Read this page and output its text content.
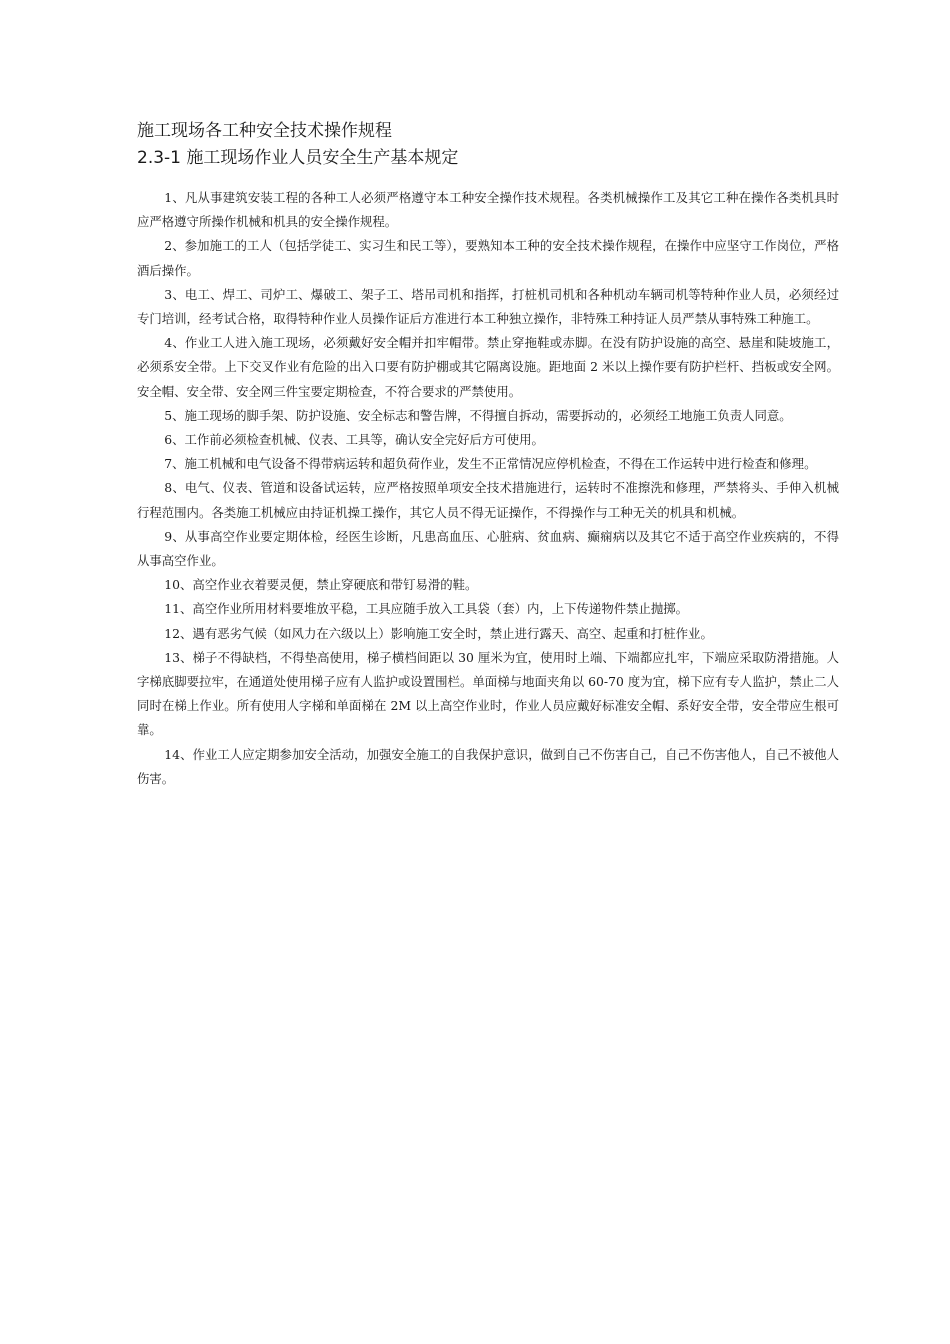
施工现场各工种安全技术操作规程
2.3-1 施工现场作业人员安全生产基本规定

1、凡从事建筑安装工程的各种工人必须严格遵守本工种安全操作技术规程。各类机械操作工及其它工种在操作各类机具时应严格遵守所操作机械和机具的安全操作规程。

2、参加施工的工人（包括学徒工、实习生和民工等），要熟知本工种的安全技术操作规程，在操作中应坚守工作岗位，严格酒后操作。

3、电工、焊工、司炉工、爆破工、架子工、塔吊司机和指挥，打桩机司机和各种机动车辆司机等特种作业人员，必须经过专门培训，经考试合格，取得特种作业人员操作证后方准进行本工种独立操作，非特殊工种持证人员严禁从事特殊工种施工。

4、作业工人进入施工现场，必须戴好安全帽并扣牢帽带。禁止穿拖鞋或赤脚。在没有防护设施的高空、悬崖和陡坡施工，必须系安全带。上下交叉作业有危险的出入口要有防护棚或其它隔离设施。距地面 2 米以上操作要有防护栏杆、挡板或安全网。安全帽、安全带、安全网三件宝要定期检查，不符合要求的严禁使用。

5、施工现场的脚手架、防护设施、安全标志和警告牌，不得擅自拆动，需要拆动的，必须经工地施工负责人同意。

6、工作前必须检查机械、仪表、工具等，确认安全完好后方可使用。

7、施工机械和电气设备不得带病运转和超负荷作业，发生不正常情况应停机检查，不得在工作运转中进行检查和修理。

8、电气、仪表、管道和设备试运转，应严格按照单项安全技术措施进行，运转时不准擦洗和修理，严禁将头、手伸入机械行程范围内。各类施工机械应由持证机操工操作，其它人员不得无证操作，不得操作与工种无关的机具和机械。

9、从事高空作业要定期体检，经医生诊断，凡患高血压、心脏病、贫血病、癫痫病以及其它不适于高空作业疾病的，不得从事高空作业。

10、高空作业衣着要灵便，禁止穿硬底和带钉易滑的鞋。

11、高空作业所用材料要堆放平稳，工具应随手放入工具袋（套）内，上下传递物件禁止抛掷。

12、遇有恶劣气候（如风力在六级以上）影响施工安全时，禁止进行露天、高空、起重和打桩作业。

13、梯子不得缺档，不得垫高使用，梯子横档间距以 30 厘米为宜，使用时上端、下端都应扎牢，下端应采取防滑措施。人字梯底脚要拉牢，在通道处使用梯子应有人监护或设置围栏。单面梯与地面夹角以 60-70 度为宜，梯下应有专人监护，禁止二人同时在梯上作业。所有使用人字梯和单面梯在 2M 以上高空作业时，作业人员应戴好标准安全帽、系好安全带，安全带应生根可靠。

14、作业工人应定期参加安全活动，加强安全施工的自我保护意识，做到自己不伤害自己，自己不伤害他人，自己不被他人伤害。
